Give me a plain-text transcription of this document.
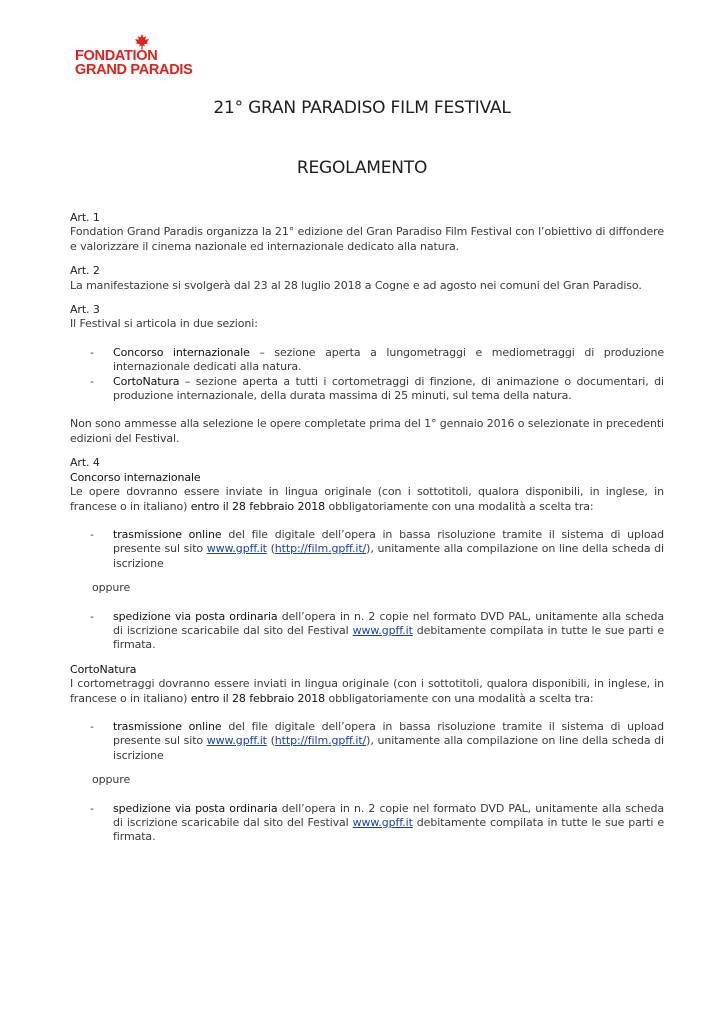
FONDATION
GRAND PARADIS
21° GRAN PARADISO FILM FESTIVAL
REGOLAMENTO

Art. 1

Fondation Grand Paradis organizza la 21° edizione del Gran Paradiso Film Festival con l’obiettivo di diffondere e valorizzare il cinema nazionale ed internazionale dedicato alla natura.

Art. 2

La manifestazione si svolgerà dal 23 al 28 luglio 2018 a Cogne e ad agosto nei comuni del Gran Paradiso.

Art. 3

Il Festival si articola in due sezioni:

- Concorso internazionale – sezione aperta a lungometraggi e mediometraggi di produzione internazionale dedicati alla natura.

- CortoNatura – sezione aperta a tutti i cortometraggi di finzione, di animazione o documentari, di produzione internazionale, della durata massima di 25 minuti, sul tema della natura.

Non sono ammesse alla selezione le opere completate prima del 1° gennaio 2016 o selezionate in precedenti edizioni del Festival.

Art. 4

Concorso internazionale

Le opere dovranno essere inviate in lingua originale (con i sottotitoli, qualora disponibili, in inglese, in francese o in italiano) entro il 28 febbraio 2018 obbligatoriamente con una modalità a scelta tra:

- trasmissione online del file digitale dell’opera in bassa risoluzione tramite il sistema di upload presente sul sito www.gpff.it (http://film.gpff.it/), unitamente alla compilazione on line della scheda di iscrizione

oppure

- spedizione via posta ordinaria dell’opera in n. 2 copie nel formato DVD PAL, unitamente alla scheda di iscrizione scaricabile dal sito del Festival www.gpff.it debitamente compilata in tutte le sue parti e firmata.

CortoNatura

I cortometraggi dovranno essere inviati in lingua originale (con i sottotitoli, qualora disponibili, in inglese, in francese o in italiano) entro il 28 febbraio 2018 obbligatoriamente con una modalità a scelta tra:

- trasmissione online del file digitale dell’opera in bassa risoluzione tramite il sistema di upload presente sul sito www.gpff.it (http://film.gpff.it/), unitamente alla compilazione on line della scheda di iscrizione

oppure

- spedizione via posta ordinaria dell’opera in n. 2 copie nel formato DVD PAL, unitamente alla scheda di iscrizione scaricabile dal sito del Festival www.gpff.it debitamente compilata in tutte le sue parti e firmata.
